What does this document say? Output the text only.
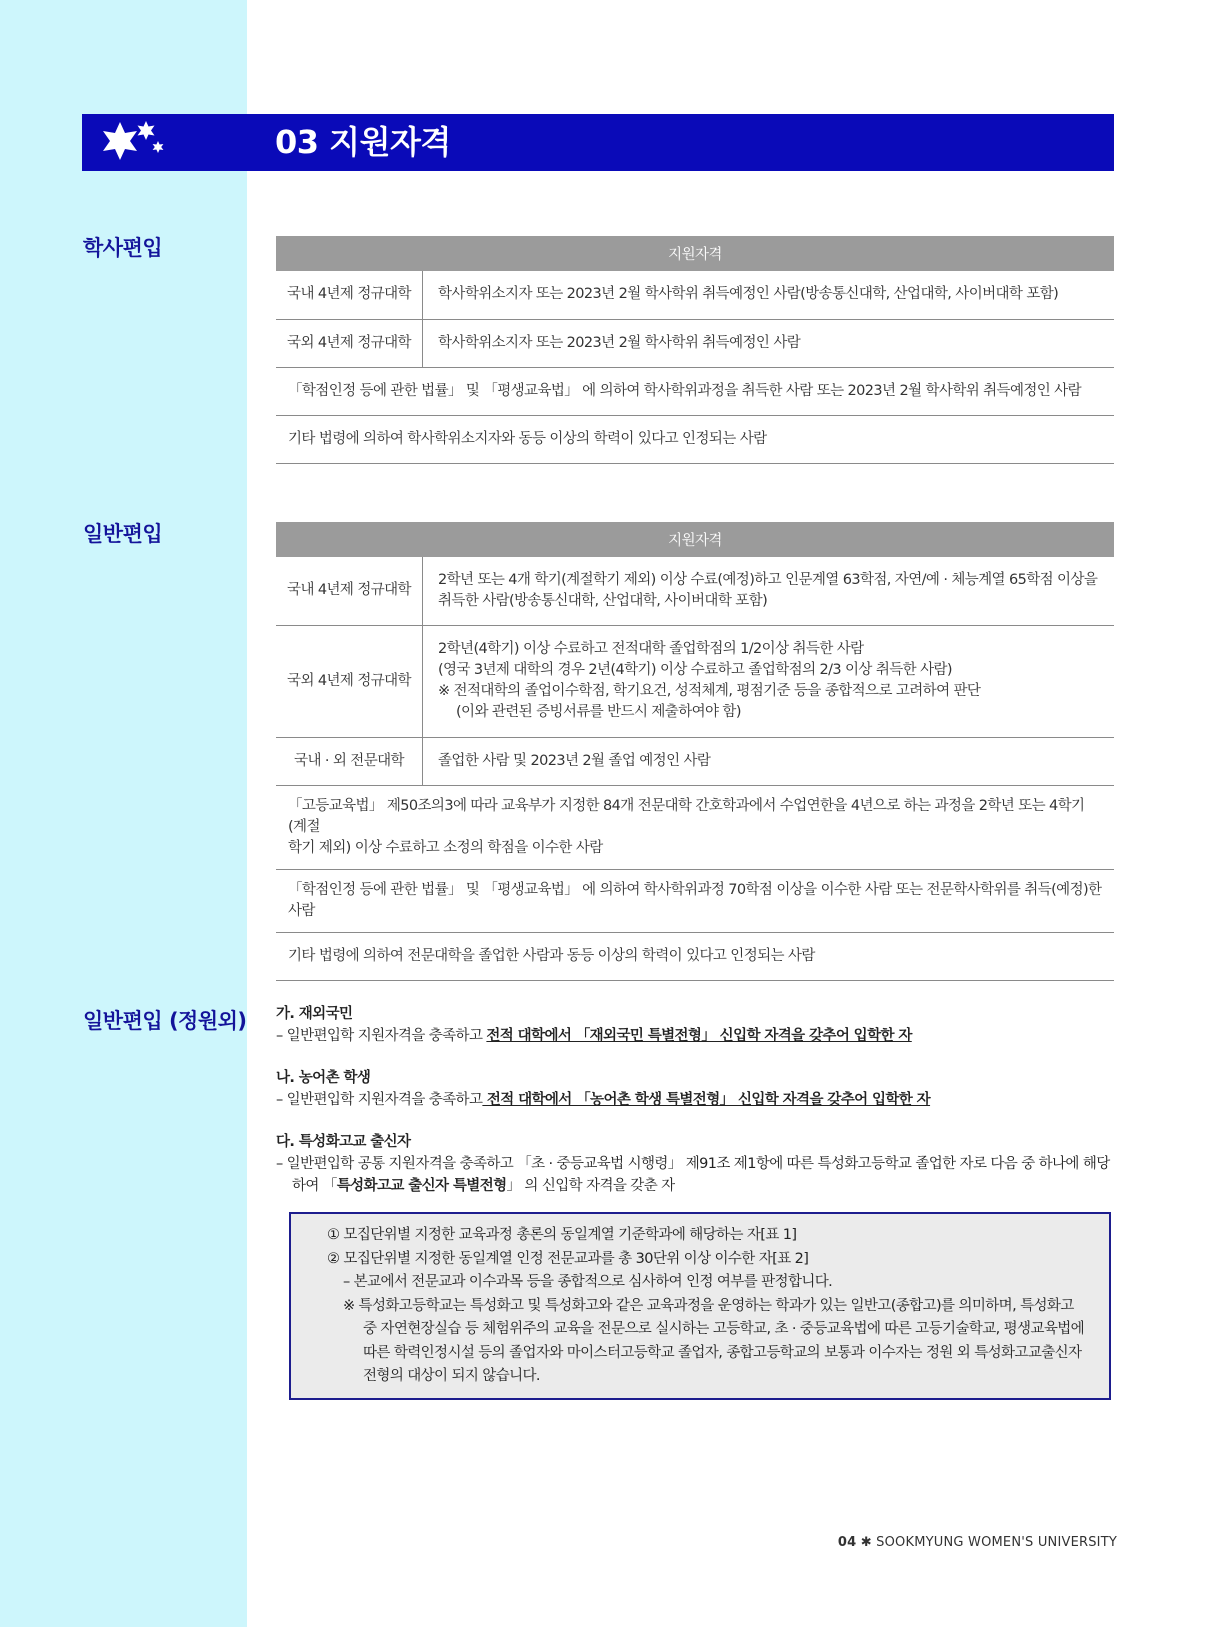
03 지원자격
학사편입	지원자격	
국내 4년제 정규대학	학사학위소지자 또는 2023년 2월 학사학위 취득예정인 사람(방송통신대학, 산업대학, 사이버대학 포함)
국외 4년제 정규대학	학사학위소지자 또는 2023년 2월 학사학위 취득예정인 사람
「학점인정 등에 관한 법률」 및 「평생교육법」 에 의하여 학사학위과정을 취득한 사람 또는 2023년 2월 학사학위 취득예정인 사람	
기타 법령에 의하여 학사학위소지자와 동등 이상의 학력이 있다고 인정되는 사람	
일반편입	지원자격	
국내 4년제 정규대학	2학년 또는 4개 학기(계절학기 제외) 이상 수료(예정)하고 인문계열 63학점, 자연/예 · 체능계열 65학점 이상을
취득한 사람(방송통신대학, 산업대학, 사이버대학 포함)

국외 4년제 정규대학	2학년(4학기) 이상 수료하고 전적대학 졸업학점의 1/2이상 취득한 사람
(영국 3년제 대학의 경우 2년(4학기) 이상 수료하고 졸업학점의 2/3 이상 취득한 사람)
※ 전적대학의 졸업이수학점, 학기요건, 성적체계, 평점기준 등을 종합적으로 고려하여 판단
(이와 관련된 증빙서류를 반드시 제출하여야 함)

국내 · 외 전문대학	졸업한 사람 및 2023년 2월 졸업 예정인 사람

「고등교육법」 제50조의3에 따라 교육부가 지정한 84개 전문대학 간호학과에서 수업연한을 4년으로 하는 과정을 2학년 또는 4학기(계절
학기 제외) 이상 수료하고 소정의 학점을 이수한 사람	

「학점인정 등에 관한 법률」 및 「평생교육법」 에 의하여 학사학위과정 70학점 이상을 이수한 사람 또는 전문학사학위를 취득(예정)한 사람	
기타 법령에 의하여 전문대학을 졸업한 사람과 동등 이상의 학력이 있다고 인정되는 사람	
일반편입 (정원외) 가. 재외국민
– 일반편입학 지원자격을 충족하고 전적 대학에서 「재외국민 특별전형」 신입학 자격을 갖추어 입학한 자
나. 농어촌 학생
– 일반편입학 지원자격을 충족하고 전적 대학에서 「농어촌 학생 특별전형」 신입학 자격을 갖추어 입학한 자
다. 특성화고교 출신자
– 일반편입학 공통 지원자격을 충족하고 「초 · 중등교육법 시행령」 제91조 제1항에 따른 특성화고등학교 졸업한 자로 다음 중 하나에 해당
하여 「특성화고교 출신자 특별전형」 의 신입학 자격을 갖춘 자
① 모집단위별 지정한 교육과정 총론의 동일계열 기준학과에 해당하는 자[표 1]
② 모집단위별 지정한 동일계열 인정 전문교과를 총 30단위 이상 이수한 자[표 2]
– 본교에서 전문교과 이수과목 등을 종합적으로 심사하여 인정 여부를 판정합니다.
※ 특성화고등학교는 특성화고 및 특성화고와 같은 교육과정을 운영하는 학과가 있는 일반고(종합고)를 의미하며, 특성화고 중 자연현장실습 등 체험위주의 교육을 전문으로 실시하는 고등학교, 초 · 중등교육법에 따른 고등기술학교, 평생교육법에 따른 학력인정시설 등의 졸업자와 마이스터고등학교 졸업자, 종합고등학교의 보통과 이수자는 정원 외 특성화고교출신자전형의 대상이 되지 않습니다.
04 ✱ SOOKMYUNG WOMEN'S UNIVERSITY
